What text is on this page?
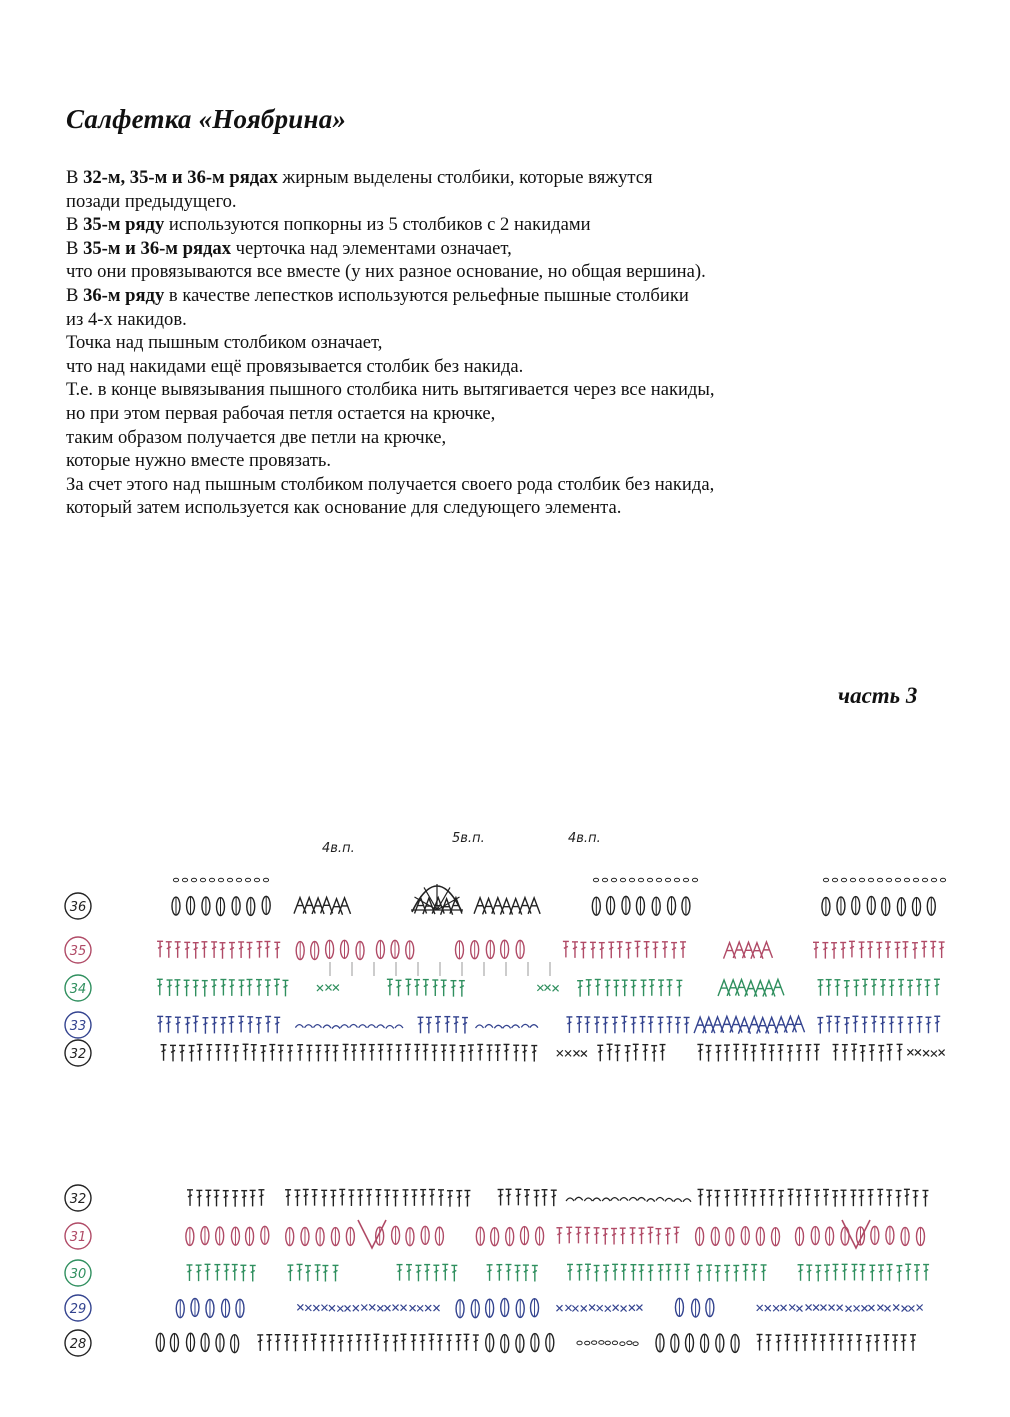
Салфетка «Ноябрина»
В 32-м, 35-м и 36-м рядах жирным выделены столбики, которые вяжутся
позади предыдущего.
В 35-м ряду используются попкорны из 5 столбиков с 2 накидами
В 35-м и 36-м рядах черточка над элементами означает,
что они провязываются все вместе (у них разное основание, но общая вершина).
В 36-м ряду в качестве лепестков используются рельефные пышные столбики
из 4-х накидов.
Точка над пышным столбиком означает,
что над накидами ещё провязывается столбик без накида.
Т.е. в конце вывязывания пышного столбика нить вытягивается через все накиды,
но при этом первая рабочая петля остается на крючке,
таким образом получается две петли на крючке,
которые нужно вместе провязать.
За счет этого над пышным столбиком получается своего рода столбик без накида,
который затем используется как основание для следующего элемента.
часть 3
36
35
34
33
32
4в.п.
5в.п.	4в.п.
32
31
30
29
28
